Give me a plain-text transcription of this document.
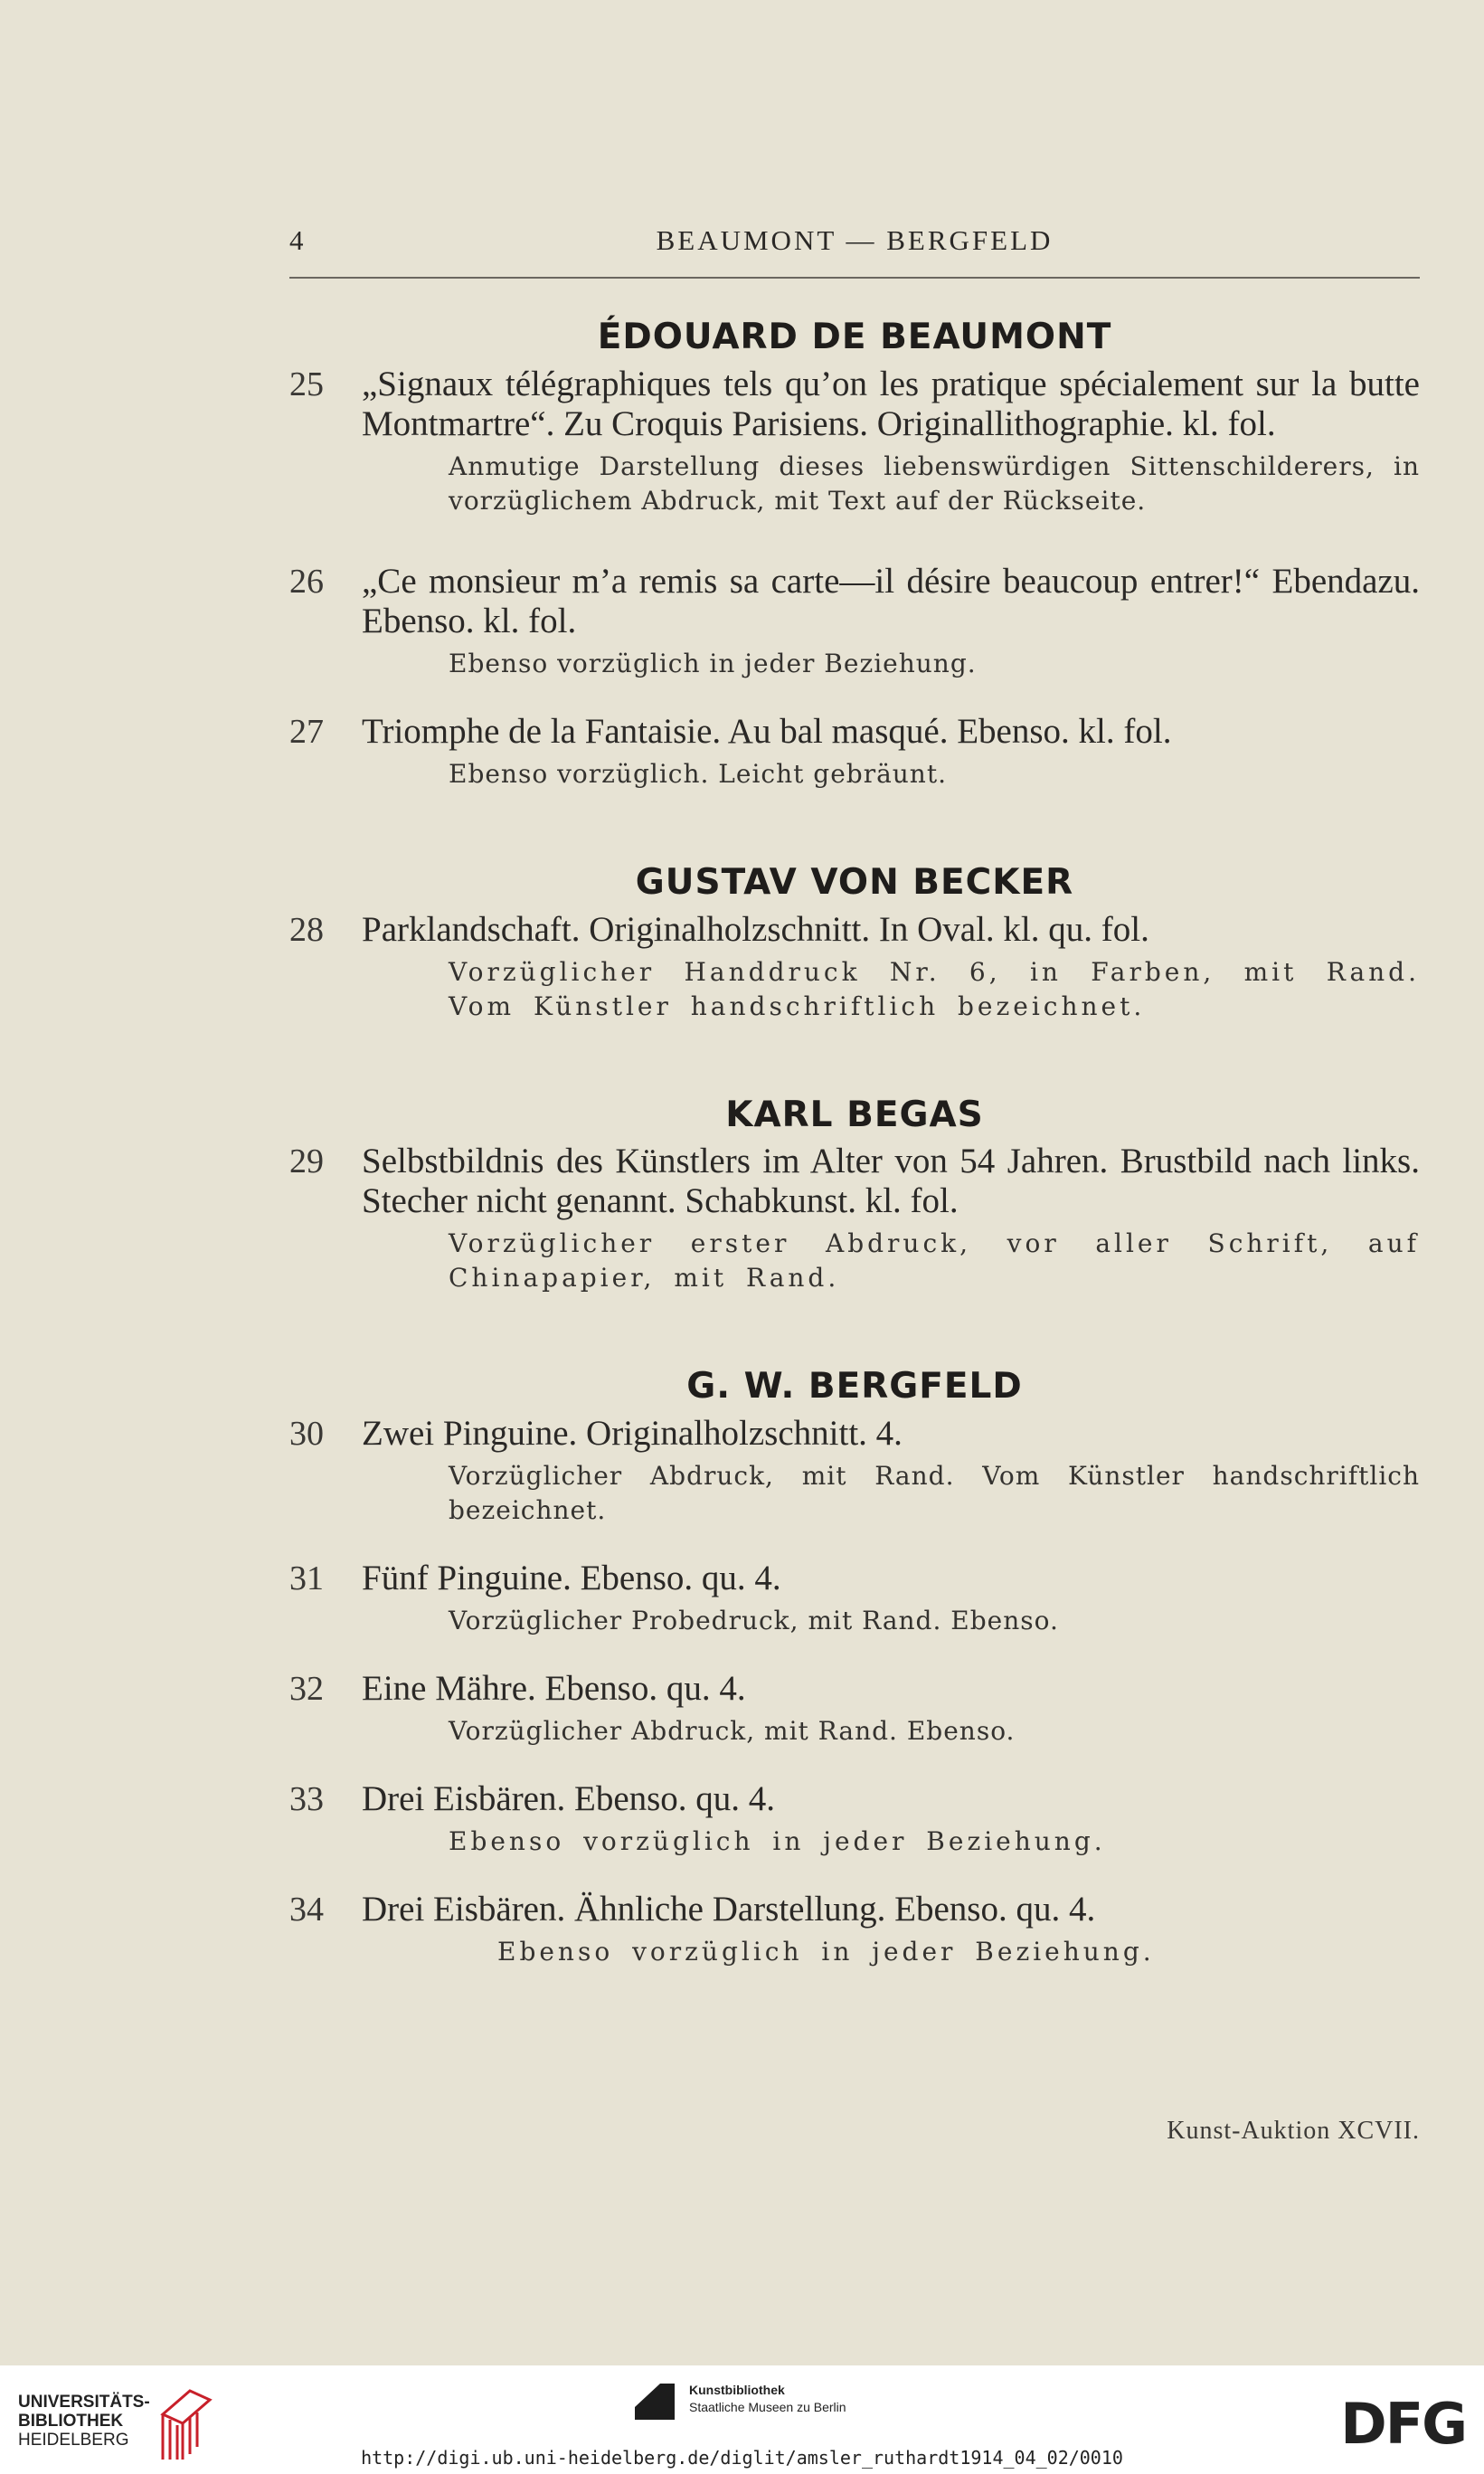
4	BEAUMONT — BERGFELD
ÉDOUARD DE BEAUMONT
25 „Signaux télégraphiques tels qu’on les pratique spécialement sur la butte Montmartre“. Zu Croquis Parisiens. Originallithographie. kl. fol.

Anmutige Darstellung dieses liebenswürdigen Sittenschilderers, in vorzüglichem Abdruck, mit Text auf der Rückseite.

26 „Ce monsieur m’a remis sa carte—il désire beaucoup entrer!“ Ebendazu. Ebenso. kl. fol.

Ebenso vorzüglich in jeder Beziehung.

27 Triomphe de la Fantaisie. Au bal masqué. Ebenso. kl. fol.

Ebenso vorzüglich. Leicht gebräunt.

GUSTAV VON BECKER
28 Parklandschaft. Originalholzschnitt. In Oval. kl. qu. fol.

Vorzüglicher Handdruck Nr. 6, in Farben, mit Rand. Vom Künstler handschriftlich bezeichnet.

KARL BEGAS
29 Selbstbildnis des Künstlers im Alter von 54 Jahren. Brustbild nach links. Stecher nicht genannt. Schabkunst. kl. fol.

Vorzüglicher erster Abdruck, vor aller Schrift, auf Chinapapier, mit Rand.

G. W. BERGFELD
30 Zwei Pinguine. Originalholzschnitt. 4.

Vorzüglicher Abdruck, mit Rand. Vom Künstler handschriftlich bezeichnet.

31 Fünf Pinguine. Ebenso. qu. 4.

Vorzüglicher Probedruck, mit Rand. Ebenso.

32 Eine Mähre. Ebenso. qu. 4.

Vorzüglicher Abdruck, mit Rand. Ebenso.

33 Drei Eisbären. Ebenso. qu. 4.

Ebenso vorzüglich in jeder Beziehung.

34 Drei Eisbären. Ähnliche Darstellung. Ebenso. qu. 4.

Ebenso vorzüglich in jeder Beziehung.

Kunst-Auktion XCVII.
UNIVERSITÄTS-
BIBLIOTHEK
HEIDELBERG
Kunstbibliothek
Staatliche Museen zu Berlin	DFG
http://digi.ub.uni-heidelberg.de/diglit/amsler_ruthardt1914_04_02/0010
